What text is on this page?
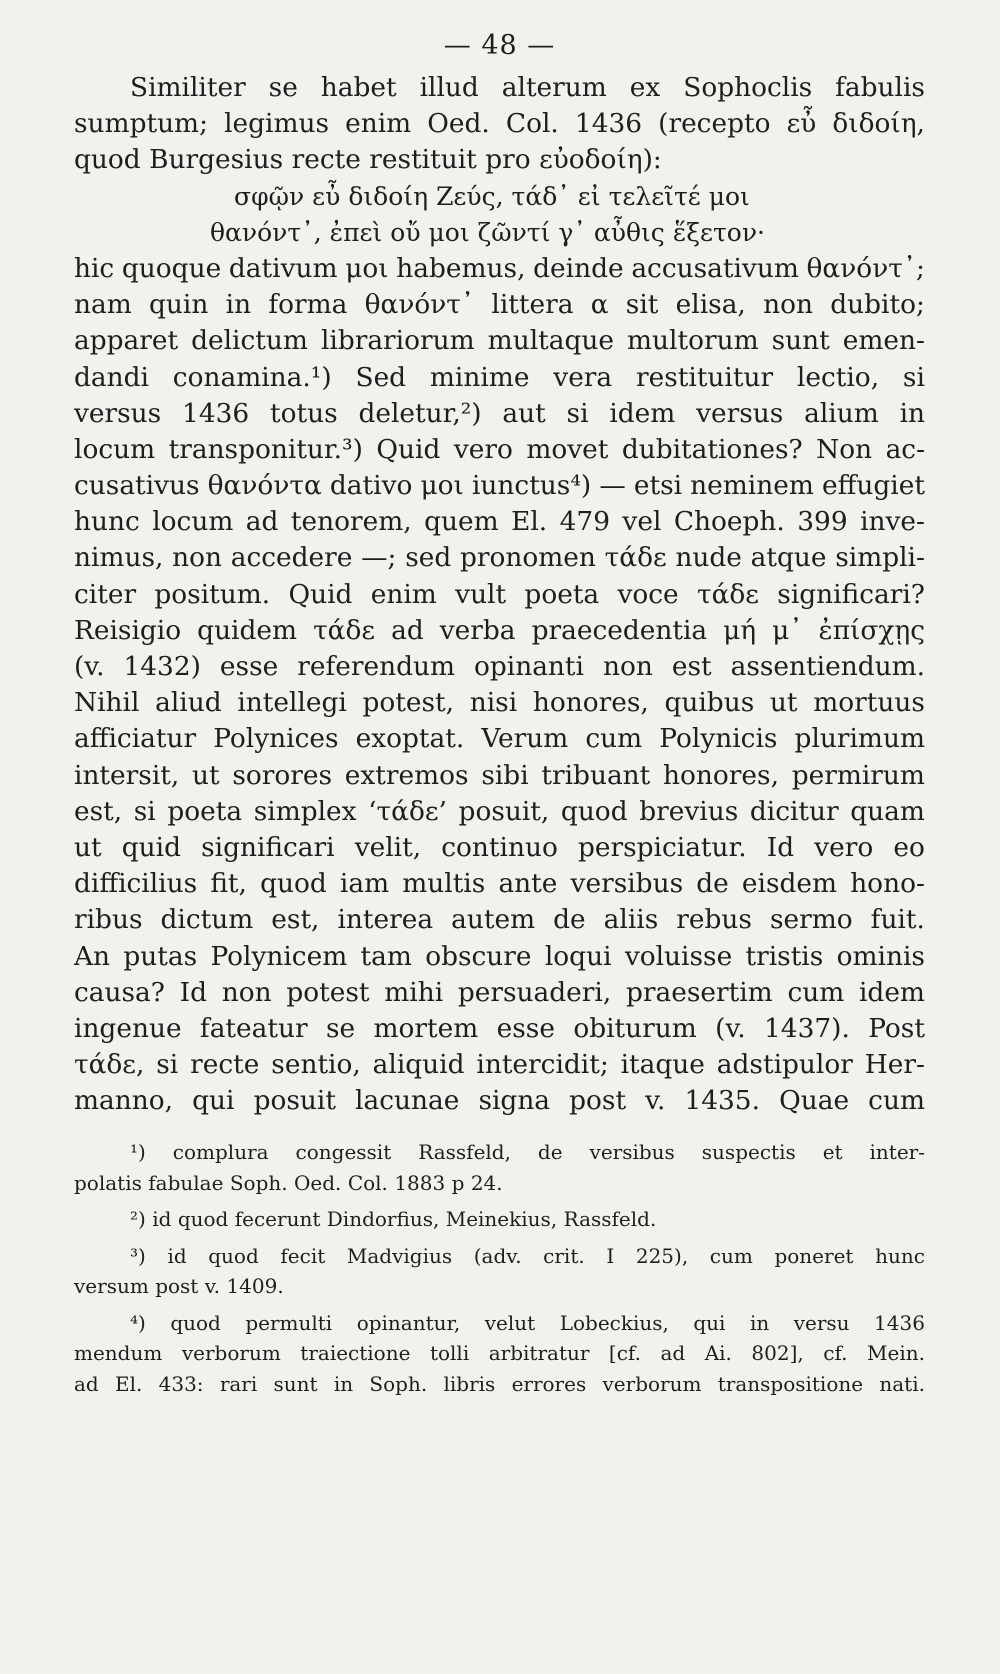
— 48 —
Similiter se habet illud alterum ex Sophoclis fabulis
sumptum; legimus enim Oed. Col. 1436 (recepto εὖ διδοίη,
quod Burgesius recte restituit pro εὐοδοίη):
σφῷν εὖ διδοίη Ζεύς, τάδ᾽ εἰ τελεῖτέ μοι
θανόντ᾽, ἐπεὶ οὔ μοι ζῶντί γ᾽ αὖθις ἕξετον·
hic quoque dativum μοι habemus, deinde accusativum θανόντ᾽;
nam quin in forma θανόντ᾽ littera α sit elisa, non dubito;
apparet delictum librariorum multaque multorum sunt emen-
dandi conamina.¹) Sed minime vera restituitur lectio, si
versus 1436 totus deletur,²) aut si idem versus alium in
locum transponitur.³) Quid vero movet dubitationes? Non ac-
cusativus θανόντα dativo μοι iunctus⁴) — etsi neminem effugiet
hunc locum ad tenorem, quem El. 479 vel Choeph. 399 inve-
nimus, non accedere —; sed pronomen τάδε nude atque simpli-
citer positum. Quid enim vult poeta voce τάδε significari?
Reisigio quidem τάδε ad verba praecedentia μή μ᾽ ἐπίσχῃς
(v. 1432) esse referendum opinanti non est assentiendum.
Nihil aliud intellegi potest, nisi honores, quibus ut mortuus
afficiatur Polynices exoptat. Verum cum Polynicis plurimum
intersit, ut sorores extremos sibi tribuant honores, permirum
est, si poeta simplex ‘τάδε’ posuit, quod brevius dicitur quam
ut quid significari velit, continuo perspiciatur. Id vero eo
difficilius fit, quod iam multis ante versibus de eisdem hono-
ribus dictum est, interea autem de aliis rebus sermo fuit.
An putas Polynicem tam obscure loqui voluisse tristis ominis
causa? Id non potest mihi persuaderi, praesertim cum idem
ingenue fateatur se mortem esse obiturum (v. 1437). Post
τάδε, si recte sentio, aliquid intercidit; itaque adstipulor Her-
manno, qui posuit lacunae signa post v. 1435. Quae cum
¹) complura congessit Rassfeld, de versibus suspectis et inter-
polatis fabulae Soph. Oed. Col. 1883 p 24.
²) id quod fecerunt Dindorfius, Meinekius, Rassfeld.
³) id quod fecit Madvigius (adv. crit. I 225), cum poneret hunc
versum post v. 1409.
⁴) quod permulti opinantur, velut Lobeckius, qui in versu 1436
mendum verborum traiectione tolli arbitratur [cf. ad Ai. 802], cf. Mein.
ad El. 433: rari sunt in Soph. libris errores verborum transpositione nati.
